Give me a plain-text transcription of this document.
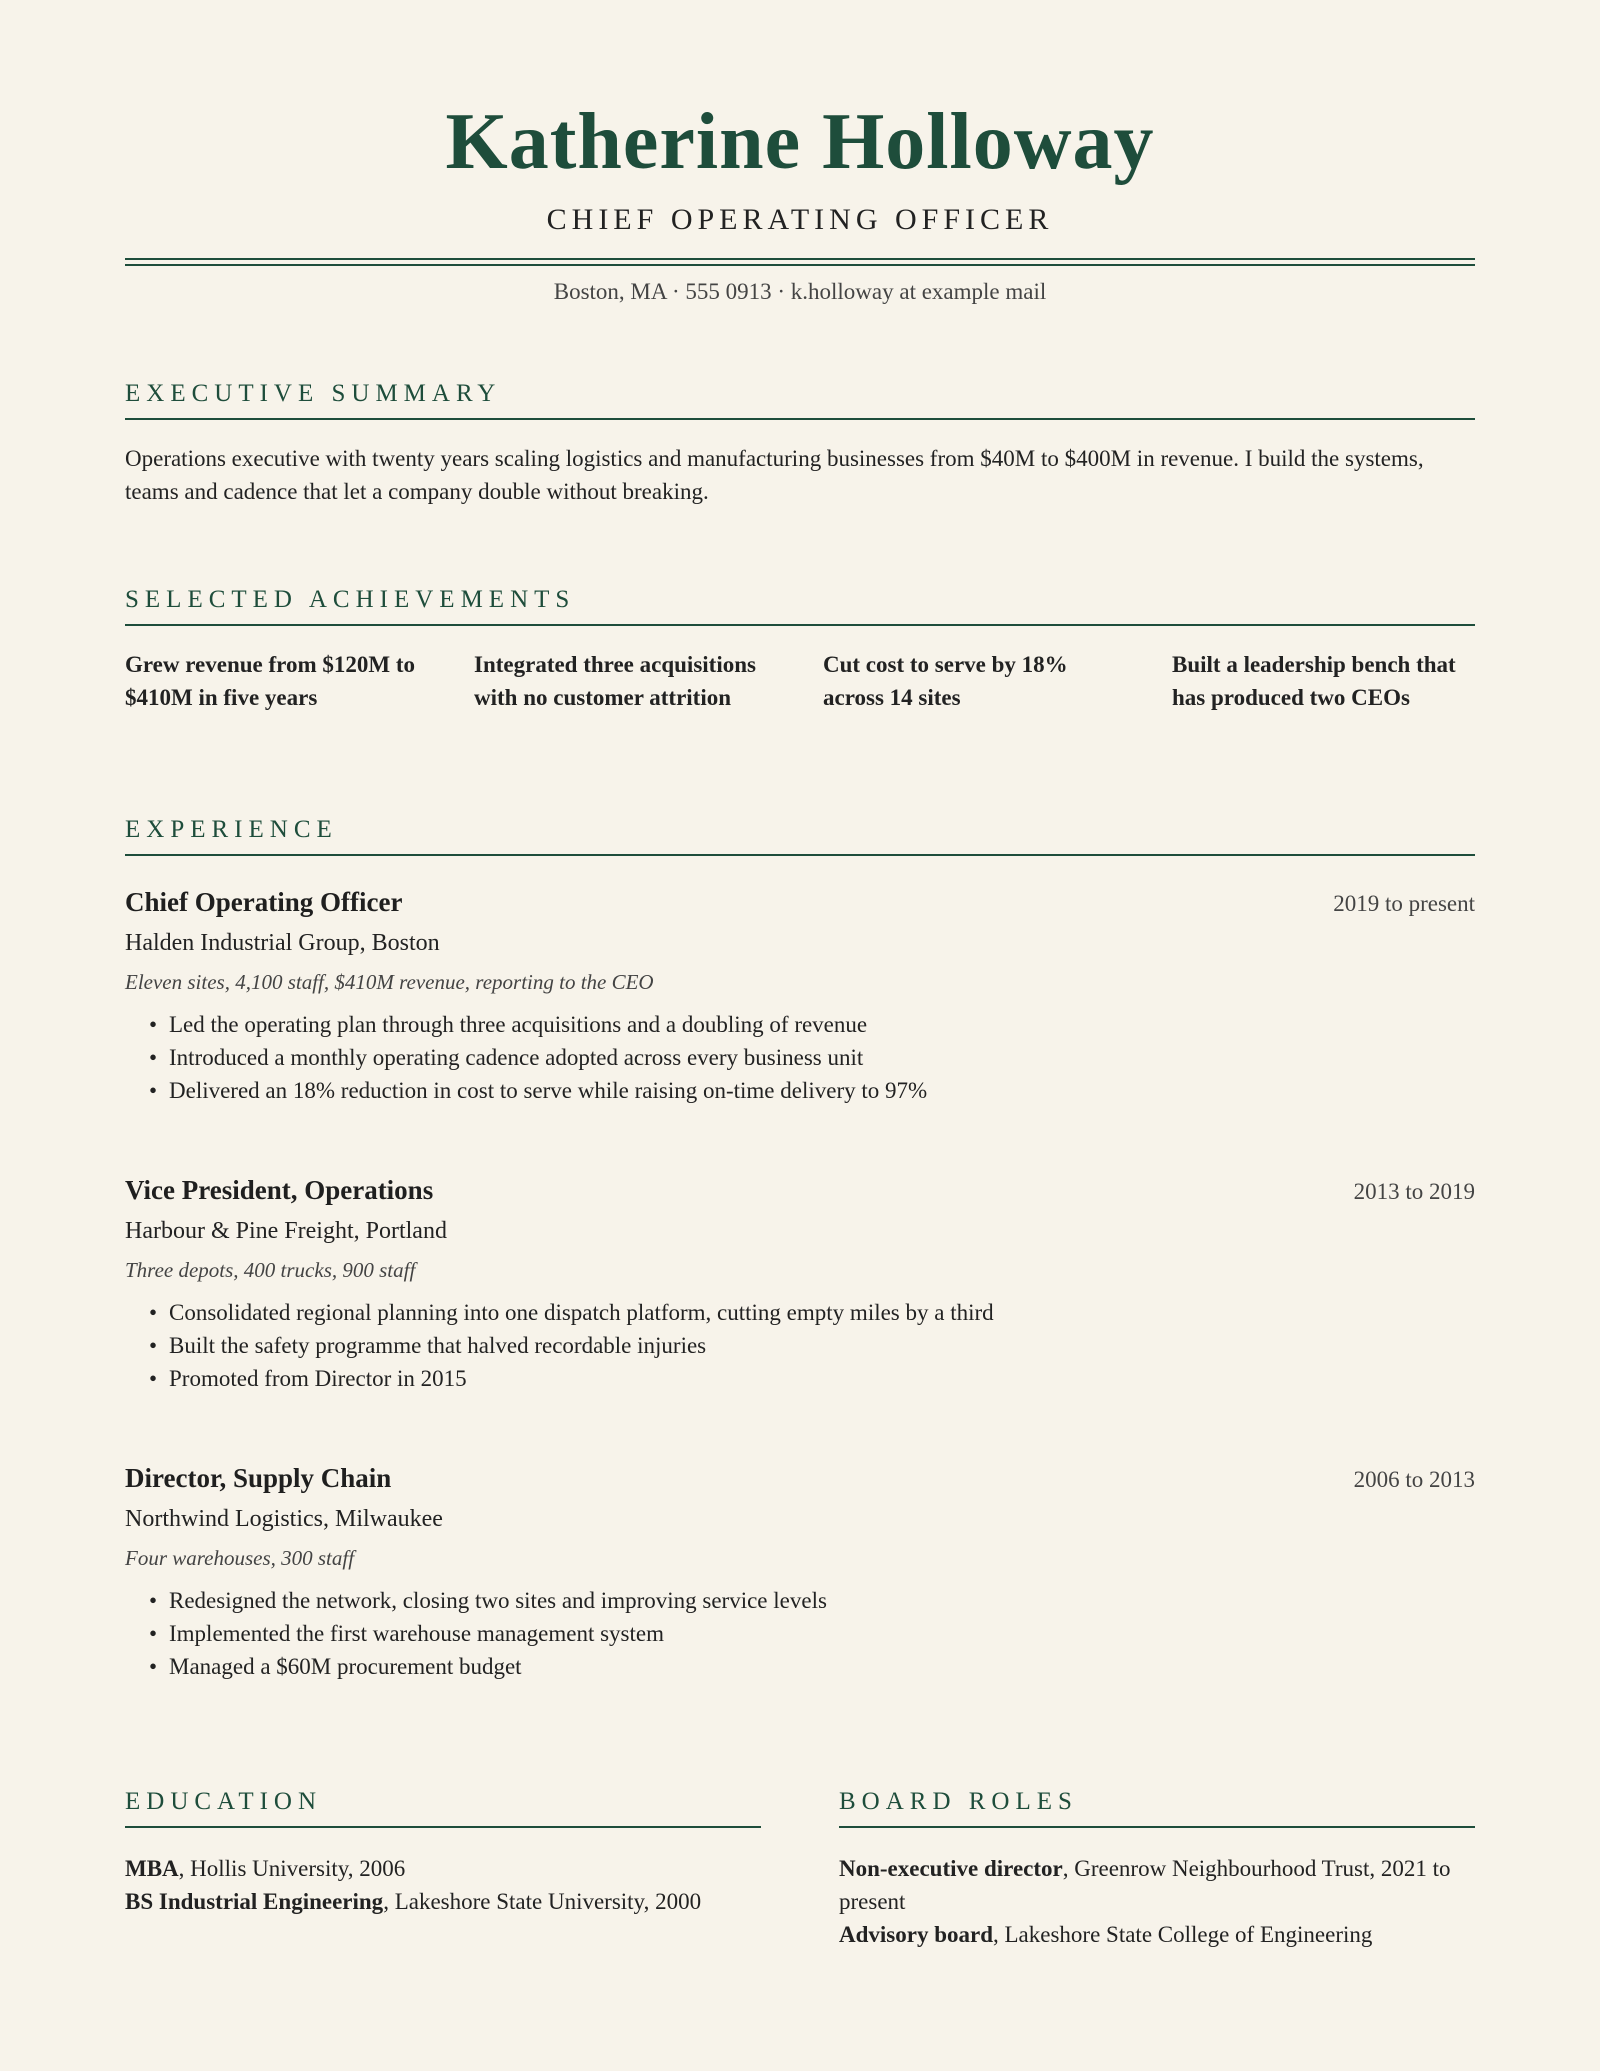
Katherine Holloway
CHIEF OPERATING OFFICER
Boston, MA · 555 0913 · k.holloway at example mail
EXECUTIVE SUMMARY
Operations executive with twenty years scaling logistics and manufacturing businesses from $40M to $400M in revenue. I build the systems, teams and cadence that let a company double without breaking.
SELECTED ACHIEVEMENTS
Grew revenue from $120M to $410M in five years
Integrated three acquisitions with no customer attrition
Cut cost to serve by 18% across 14 sites
Built a leadership bench that has produced two CEOs
EXPERIENCE
Chief Operating Officer	2019 to present
Halden Industrial Group, Boston
Eleven sites, 4,100 staff, $410M revenue, reporting to the CEO
• Led the operating plan through three acquisitions and a doubling of revenue
• Introduced a monthly operating cadence adopted across every business unit
• Delivered an 18% reduction in cost to serve while raising on-time delivery to 97%
Vice President, Operations	2013 to 2019
Harbour & Pine Freight, Portland
Three depots, 400 trucks, 900 staff
• Consolidated regional planning into one dispatch platform, cutting empty miles by a third
• Built the safety programme that halved recordable injuries
• Promoted from Director in 2015
Director, Supply Chain	2006 to 2013
Northwind Logistics, Milwaukee
Four warehouses, 300 staff
• Redesigned the network, closing two sites and improving service levels
• Implemented the first warehouse management system
• Managed a $60M procurement budget
EDUCATION
MBA, Hollis University, 2006
BS Industrial Engineering, Lakeshore State University, 2000
BOARD ROLES
Non-executive director, Greenrow Neighbourhood Trust, 2021 to present
Advisory board, Lakeshore State College of Engineering
